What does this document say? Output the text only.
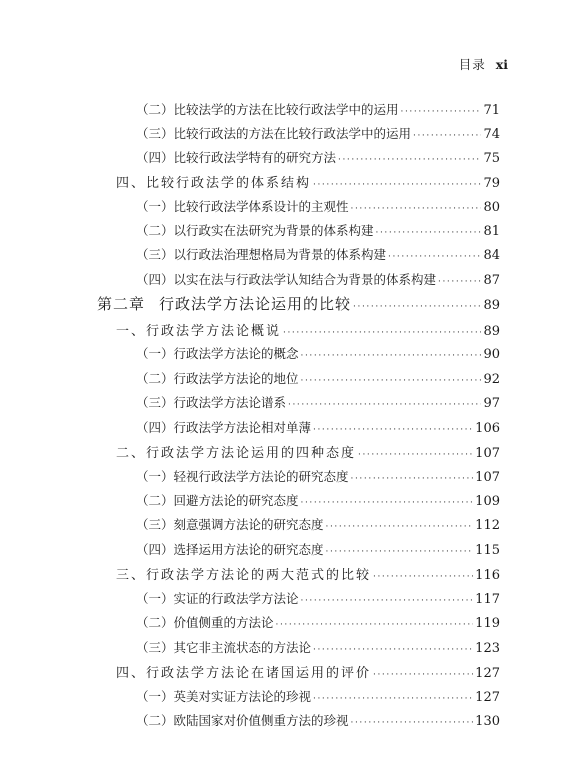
目录 xi
（二）比较法学的方法在比较行政法学中的运用 ·····	71
（三）比较行政法的方法在比较行政法学中的运用 ·····	74
（四）比较行政法学特有的研究方法 ·····	75
四、比较行政法学的体系结构 ·····	79
（一）比较行政法学体系设计的主观性 ·····	80
（二）以行政实在法研究为背景的体系构建 ·····	81
（三）以行政法治理想格局为背景的体系构建 ·····	84
（四）以实在法与行政法学认知结合为背景的体系构建 ·····	87
第二章 行政法学方法论运用的比较 ·····	89
一、行政法学方法论概说 ·····	89
（一）行政法学方法论的概念 ·····	90
（二）行政法学方法论的地位 ·····	92
（三）行政法学方法论谱系 ·····	97
（四）行政法学方法论相对单薄 ·····	106
二、行政法学方法论运用的四种态度 ·····	107
（一）轻视行政法学方法论的研究态度 ·····	107
（二）回避方法论的研究态度 ·····	109
（三）刻意强调方法论的研究态度 ·····	112
（四）选择运用方法论的研究态度 ·····	115
三、行政法学方法论的两大范式的比较 ·····	116
（一）实证的行政法学方法论 ·····	117
（二）价值侧重的方法论 ·····	119
（三）其它非主流状态的方法论 ·····	123
四、行政法学方法论在诸国运用的评价 ·····	127
（一）英美对实证方法论的珍视 ·····	127
（二）欧陆国家对价值侧重方法的珍视 ·····	130
